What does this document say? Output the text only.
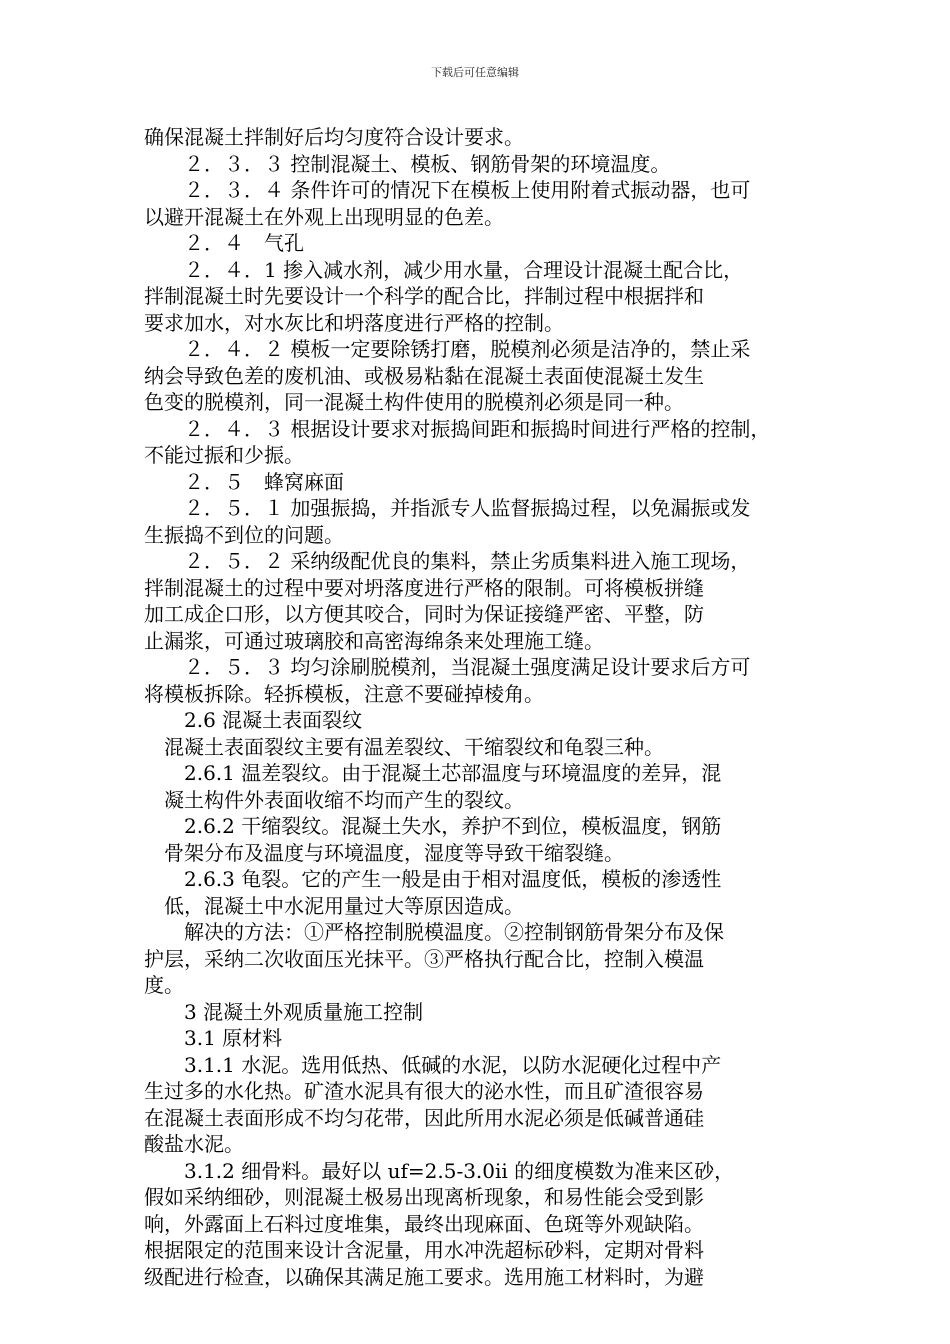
下载后可任意编辑
确保混凝土拌制好后均匀度符合设计要求。
　　２．３．３ 控制混凝土、模板、钢筋骨架的环境温度。
　　２．３．４ 条件许可的情况下在模板上使用附着式振动器，也可
以避开混凝土在外观上出现明显的色差。
　　２．４　气孔
　　２．４．1 掺入减水剂，减少用水量，合理设计混凝土配合比，
拌制混凝土时先要设计一个科学的配合比，拌制过程中根据拌和
要求加水，对水灰比和坍落度进行严格的控制。
　　２．４．２ 模板一定要除锈打磨，脱模剂必须是洁净的，禁止采
纳会导致色差的废机油、或极易粘黏在混凝土表面使混凝土发生
色变的脱模剂，同一混凝土构件使用的脱模剂必须是同一种。
　　２．４．３ 根据设计要求对振捣间距和振捣时间进行严格的控制，
不能过振和少振。
　　２．５　蜂窝麻面
　　２．５．１ 加强振捣，并指派专人监督振捣过程，以免漏振或发
生振捣不到位的问题。
　　２．５．２ 采纳级配优良的集料，禁止劣质集料进入施工现场，
拌制混凝土的过程中要对坍落度进行严格的限制。可将模板拼缝
加工成企口形，以方便其咬合，同时为保证接缝严密、平整，防
止漏浆，可通过玻璃胶和高密海绵条来处理施工缝。
　　２．５．３ 均匀涂刷脱模剂，当混凝土强度满足设计要求后方可
将模板拆除。轻拆模板，注意不要碰掉棱角。
　　2.6 混凝土表面裂纹
　混凝土表面裂纹主要有温差裂纹、干缩裂纹和龟裂三种。
　　2.6.1 温差裂纹。由于混凝土芯部温度与环境温度的差异，混
　凝土构件外表面收缩不均而产生的裂纹。
　　2.6.2 干缩裂纹。混凝土失水，养护不到位，模板温度，钢筋
　骨架分布及温度与环境温度，湿度等导致干缩裂缝。
　　2.6.3 龟裂。它的产生一般是由于相对温度低，模板的渗透性
　低，混凝土中水泥用量过大等原因造成。
　　解决的方法：①严格控制脱模温度。②控制钢筋骨架分布及保
护层，采纳二次收面压光抹平。③严格执行配合比，控制入模温
度。
　　3 混凝土外观质量施工控制
　　3.1 原材料
　　3.1.1 水泥。选用低热、低碱的水泥，以防水泥硬化过程中产
生过多的水化热。矿渣水泥具有很大的泌水性，而且矿渣很容易
在混凝土表面形成不均匀花带，因此所用水泥必须是低碱普通硅
酸盐水泥。
　　3.1.2 细骨料。最好以 uf=2.5-3.0ⅱ 的细度模数为准来区砂，
假如采纳细砂，则混凝土极易出现离析现象，和易性能会受到影
响，外露面上石料过度堆集，最终出现麻面、色斑等外观缺陷。
根据限定的范围来设计含泥量，用水冲洗超标砂料，定期对骨料
级配进行检查，以确保其满足施工要求。选用施工材料时，为避
